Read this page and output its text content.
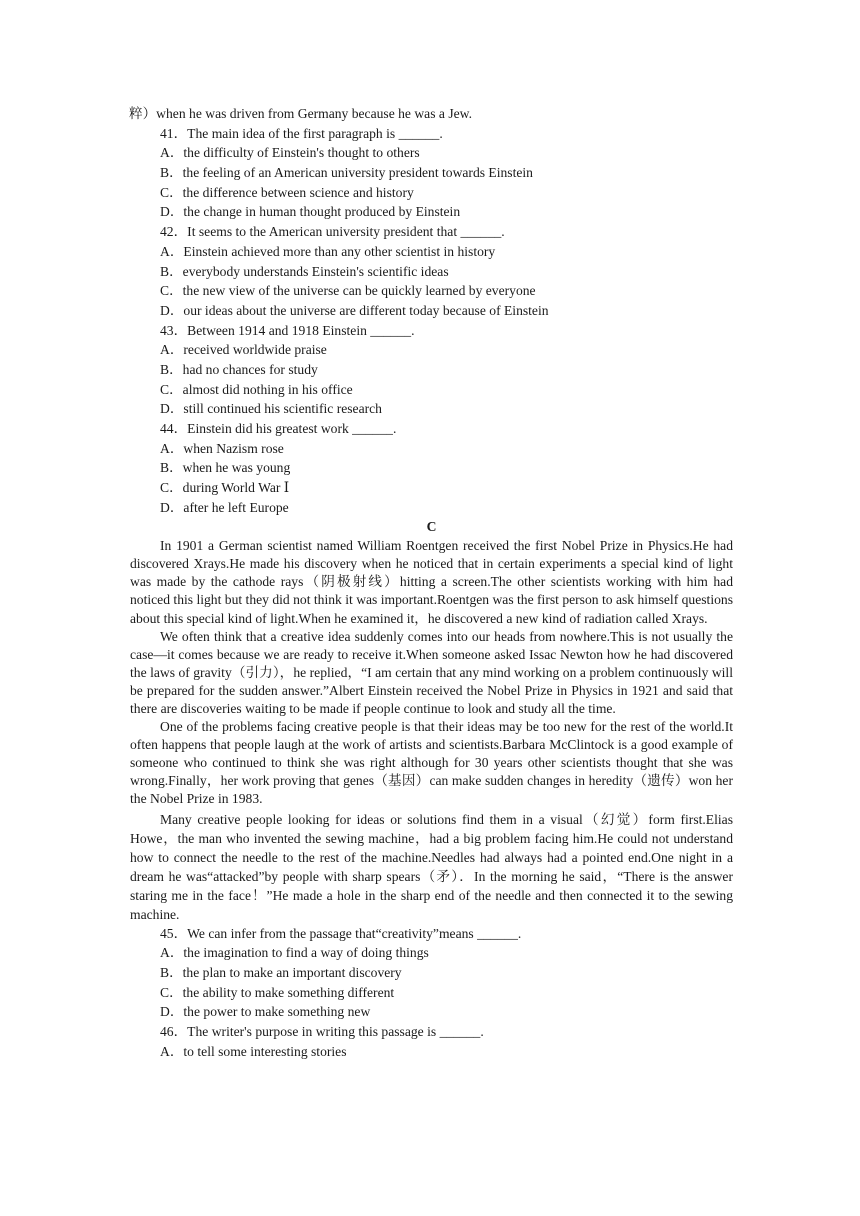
粹）when he was driven from Germany because he was a Jew.
41．The main idea of the first paragraph is ______.
A．the difficulty of Einstein's thought to others
B．the feeling of an American university president towards Einstein
C．the difference between science and history
D．the change in human thought produced by Einstein
42．It seems to the American university president that ______.
A．Einstein achieved more than any other scientist in history
B．everybody understands Einstein's scientific ideas
C．the new view of the universe can be quickly learned by everyone
D．our ideas about the universe are different today because of Einstein
43．Between 1914 and 1918 Einstein ______.
A．received worldwide praise
B．had no chances for study
C．almost did nothing in his office
D．still continued his scientific research
44．Einstein did his greatest work ______.
A．when Nazism rose
B．when he was young
C．during World War Ⅰ
D．after he left Europe
C

In 1901 a German scientist named William Roentgen received the first Nobel Prize in Physics.He had discovered Xrays.He made his discovery when he noticed that in certain experiments a special kind of light was made by the cathode rays（阴极射线）hitting a screen.The other scientists working with him had noticed this light but they did not think it was important.Roentgen was the first person to ask himself questions about this special kind of light.When he examined it，he discovered a new kind of radiation called Xrays.

We often think that a creative idea suddenly comes into our heads from nowhere.This is not usually the case—it comes because we are ready to receive it.When someone asked Issac Newton how he had discovered the laws of gravity（引力），he replied，“I am certain that any mind working on a problem continuously will be prepared for the sudden answer.”Albert Einstein received the Nobel Prize in Physics in 1921 and said that there are discoveries waiting to be made if people continue to look and study all the time.

One of the problems facing creative people is that their ideas may be too new for the rest of the world.It often happens that people laugh at the work of artists and scientists.Barbara McClintock is a good example of someone who continued to think she was right although for 30 years other scientists thought that she was wrong.Finally，her work proving that genes（基因）can make sudden changes in heredity（遗传）won her the Nobel Prize in 1983.

Many creative people looking for ideas or solutions find them in a visual（幻觉）form first.Elias Howe，the man who invented the sewing machine，had a big problem facing him.He could not understand how to connect the needle to the rest of the machine.Needles had always had a pointed end.One night in a dream he was“attacked”by people with sharp spears（矛）．In the morning he said，“There is the answer staring me in the face！”He made a hole in the sharp end of the needle and then connected it to the sewing machine.

45．We can infer from the passage that“creativity”means ______.
A．the imagination to find a way of doing things
B．the plan to make an important discovery
C．the ability to make something different
D．the power to make something new
46．The writer's purpose in writing this passage is ______.
A．to tell some interesting stories
